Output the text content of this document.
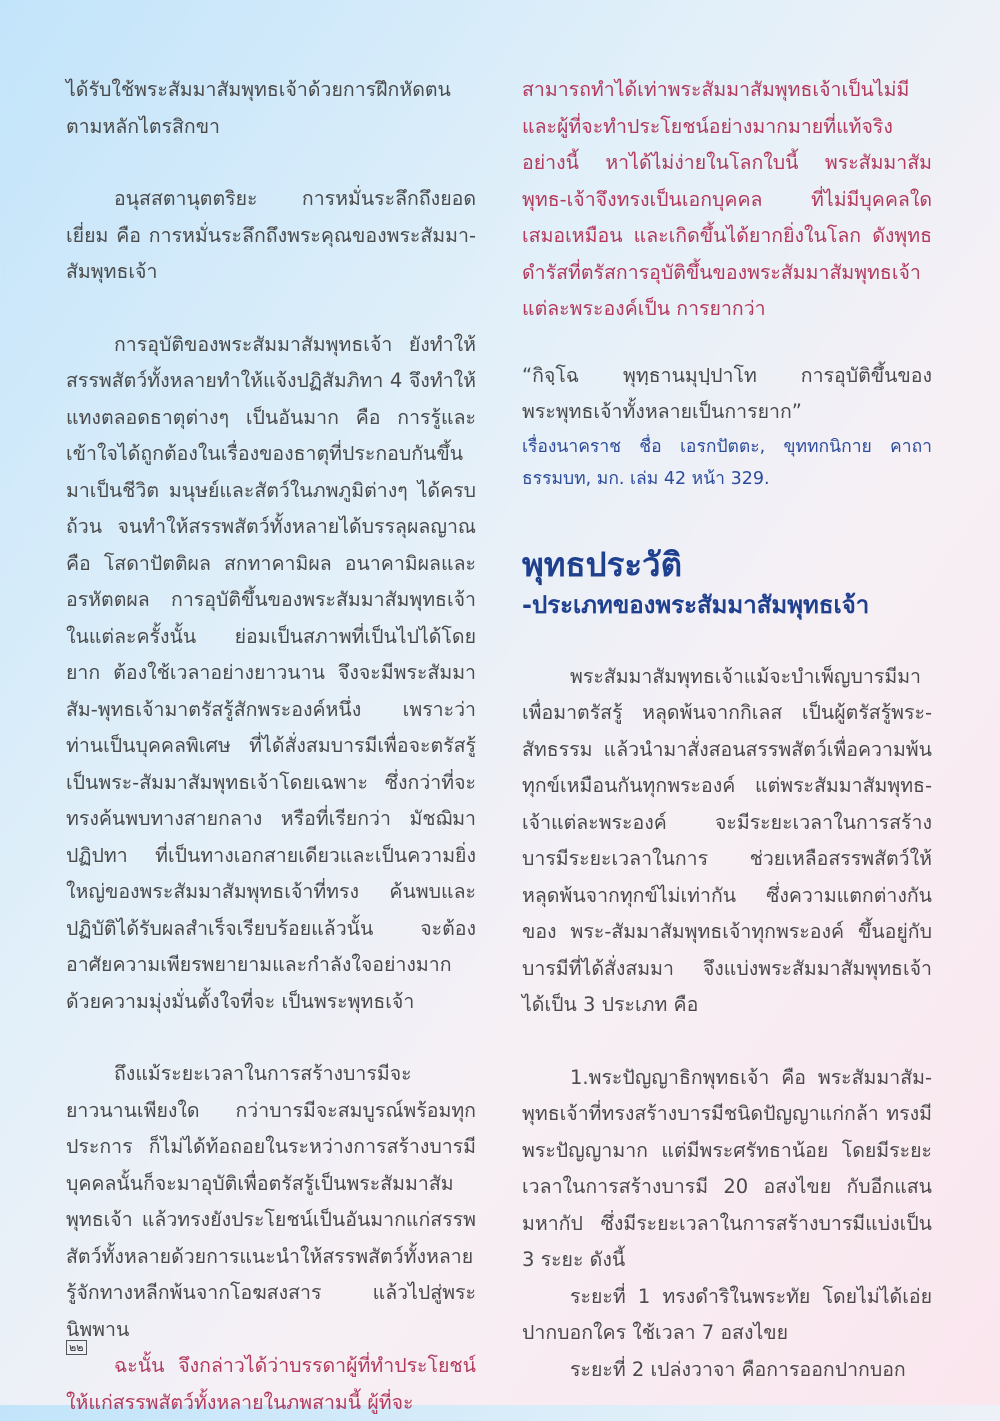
ได้รับใช้พระสัมมาสัมพุทธเจ้าด้วยการฝึกหัดตนตามหลักไตรสิกขา

อนุสสตานุตตริยะ การหมั่นระลึกถึงยอดเยี่ยม คือ การหมั่นระลึกถึงพระคุณของพระสัมมา-สัมพุทธเจ้า

การอุบัติของพระสัมมาสัมพุทธเจ้า ยังทำให้สรรพสัตว์ทั้งหลายทำให้แจ้งปฏิสัมภิทา 4 จึงทำให้แทงตลอดธาตุต่างๆ เป็นอันมาก คือ การรู้และเข้าใจได้ถูกต้องในเรื่องของธาตุที่ประกอบกันขึ้นมาเป็นชีวิต มนุษย์และสัตว์ในภพภูมิต่างๆ ได้ครบถ้วน จนทำให้สรรพสัตว์ทั้งหลายได้บรรลุผลญาณ คือ โสดาปัตติผล สกทาคามิผล อนาคามิผลและอรหัตตผล การอุบัติขึ้นของพระสัมมาสัมพุทธเจ้าในแต่ละครั้งนั้น ย่อมเป็นสภาพที่เป็นไปได้โดยยาก ต้องใช้เวลาอย่างยาวนาน จึงจะมีพระสัมมาสัม-พุทธเจ้ามาตรัสรู้สักพระองค์หนึ่ง เพราะว่าท่านเป็นบุคคลพิเศษ ที่ได้สั่งสมบารมีเพื่อจะตรัสรู้เป็นพระ-สัมมาสัมพุทธเจ้าโดยเฉพาะ ซึ่งกว่าที่จะทรงค้นพบทางสายกลาง หรือที่เรียกว่า มัชฌิมาปฏิปทา ที่เป็นทางเอกสายเดียวและเป็นความยิ่งใหญ่ของพระสัมมาสัมพุทธเจ้าที่ทรง ค้นพบและปฏิบัติได้รับผลสำเร็จเรียบร้อยแล้วนั้น จะต้องอาศัยความเพียรพยายามและกำลังใจอย่างมากด้วยความมุ่งมั่นตั้งใจที่จะ เป็นพระพุทธเจ้า

ถึงแม้ระยะเวลาในการสร้างบารมีจะยาวนานเพียงใด กว่าบารมีจะสมบูรณ์พร้อมทุกประการ ก็ไม่ได้ท้อถอยในระหว่างการสร้างบารมี บุคคลนั้นก็จะมาอุบัติเพื่อตรัสรู้เป็นพระสัมมาสัมพุทธเจ้า แล้วทรงยังประโยชน์เป็นอันมากแก่สรรพสัตว์ทั้งหลายด้วยการแนะนำให้สรรพสัตว์ทั้งหลายรู้จักทางหลีกพ้นจากโอฆสงสาร แล้วไปสู่พระนิพพาน

ฉะนั้น จึงกล่าวได้ว่าบรรดาผู้ที่ทำประโยชน์ให้แก่สรรพสัตว์ทั้งหลายในภพสามนี้ ผู้ที่จะ

สามารถทำได้เท่าพระสัมมาสัมพุทธเจ้าเป็นไม่มีและผู้ที่จะทำประโยชน์อย่างมากมายที่แท้จริงอย่างนี้ หาได้ไม่ง่ายในโลกใบนี้ พระสัมมาสัมพุทธ-เจ้าจึงทรงเป็นเอกบุคคล ที่ไม่มีบุคคลใดเสมอเหมือน และเกิดขึ้นได้ยากยิ่งในโลก ดังพุทธดำรัสที่ตรัสการอุบัติขึ้นของพระสัมมาสัมพุทธเจ้าแต่ละพระองค์เป็น การยากว่า

“กิจฺโฉ พุทฺธานมุปฺปาโท การอุบัติขึ้นของพระพุทธเจ้าทั้งหลายเป็นการยาก”

เรื่องนาคราช ชื่อ เอรกปัตตะ, ขุททกนิกาย คาถาธรรมบท, มก. เล่ม 42 หน้า 329.

พุทธประวัติ
-ประเภทของพระสัมมาสัมพุทธเจ้า

พระสัมมาสัมพุทธเจ้าแม้จะบำเพ็ญบารมีมาเพื่อมาตรัสรู้ หลุดพ้นจากกิเลส เป็นผู้ตรัสรู้พระ-สัทธรรม แล้วนำมาสั่งสอนสรรพสัตว์เพื่อความพ้นทุกข์เหมือนกันทุกพระองค์ แต่พระสัมมาสัมพุทธ-เจ้าแต่ละพระองค์ จะมีระยะเวลาในการสร้างบารมีระยะเวลาในการ ช่วยเหลือสรรพสัตว์ให้หลุดพ้นจากทุกข์ไม่เท่ากัน ซึ่งความแตกต่างกันของ พระ-สัมมาสัมพุทธเจ้าทุกพระองค์ ขึ้นอยู่กับบารมีที่ได้สั่งสมมา จึงแบ่งพระสัมมาสัมพุทธเจ้า ได้เป็น 3 ประเภท คือ

1.พระปัญญาธิกพุทธเจ้า คือ พระสัมมาสัม-พุทธเจ้าที่ทรงสร้างบารมีชนิดปัญญาแก่กล้า ทรงมีพระปัญญามาก แต่มีพระศรัทธาน้อย โดยมีระยะเวลาในการสร้างบารมี 20 อสงไขย กับอีกแสนมหากัป ซึ่งมีระยะเวลาในการสร้างบารมีแบ่งเป็น 3 ระยะ ดังนี้

ระยะที่ 1 ทรงดำริในพระทัย โดยไม่ได้เอ่ยปากบอกใคร ใช้เวลา 7 อสงไขย

ระยะที่ 2 เปล่งวาจา คือการออกปากบอก

๒๒
